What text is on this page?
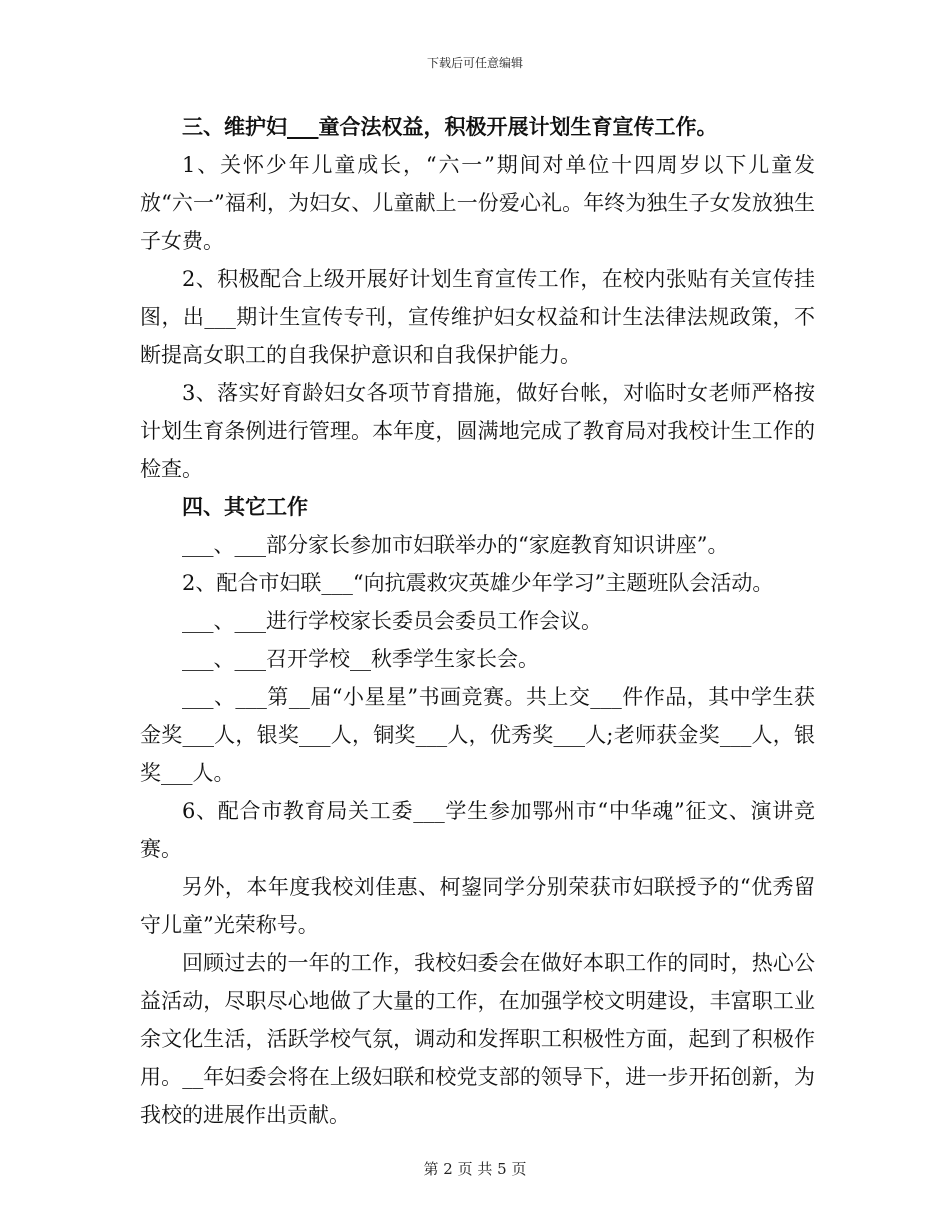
下载后可任意编辑

三、维护妇___童合法权益，积极开展计划生育宣传工作。

1、关怀少年儿童成长，“六一”期间对单位十四周岁以下儿童发放“六一”福利，为妇女、儿童献上一份爱心礼。年终为独生子女发放独生子女费。

2、积极配合上级开展好计划生育宣传工作，在校内张贴有关宣传挂图，出___期计生宣传专刊，宣传维护妇女权益和计生法律法规政策，不断提高女职工的自我保护意识和自我保护能力。

3、落实好育龄妇女各项节育措施，做好台帐，对临时女老师严格按计划生育条例进行管理。本年度，圆满地完成了教育局对我校计生工作的检查。

四、其它工作

___、___部分家长参加市妇联举办的“家庭教育知识讲座”。

2、配合市妇联___“向抗震救灾英雄少年学习”主题班队会活动。

___、___进行学校家长委员会委员工作会议。

___、___召开学校__秋季学生家长会。

___、___第__届“小星星”书画竞赛。共上交___件作品，其中学生获金奖___人，银奖___人，铜奖___人，优秀奖___人;老师获金奖___人，银奖___人。

6、配合市教育局关工委___学生参加鄂州市“中华魂”征文、演讲竞赛。

另外，本年度我校刘佳惠、柯鋆同学分别荣获市妇联授予的“优秀留守儿童”光荣称号。

回顾过去的一年的工作，我校妇委会在做好本职工作的同时，热心公益活动，尽职尽心地做了大量的工作，在加强学校文明建设，丰富职工业余文化生活，活跃学校气氛，调动和发挥职工积极性方面，起到了积极作用。__年妇委会将在上级妇联和校党支部的领导下，进一步开拓创新，为我校的进展作出贡献。

第 2 页 共 5 页
